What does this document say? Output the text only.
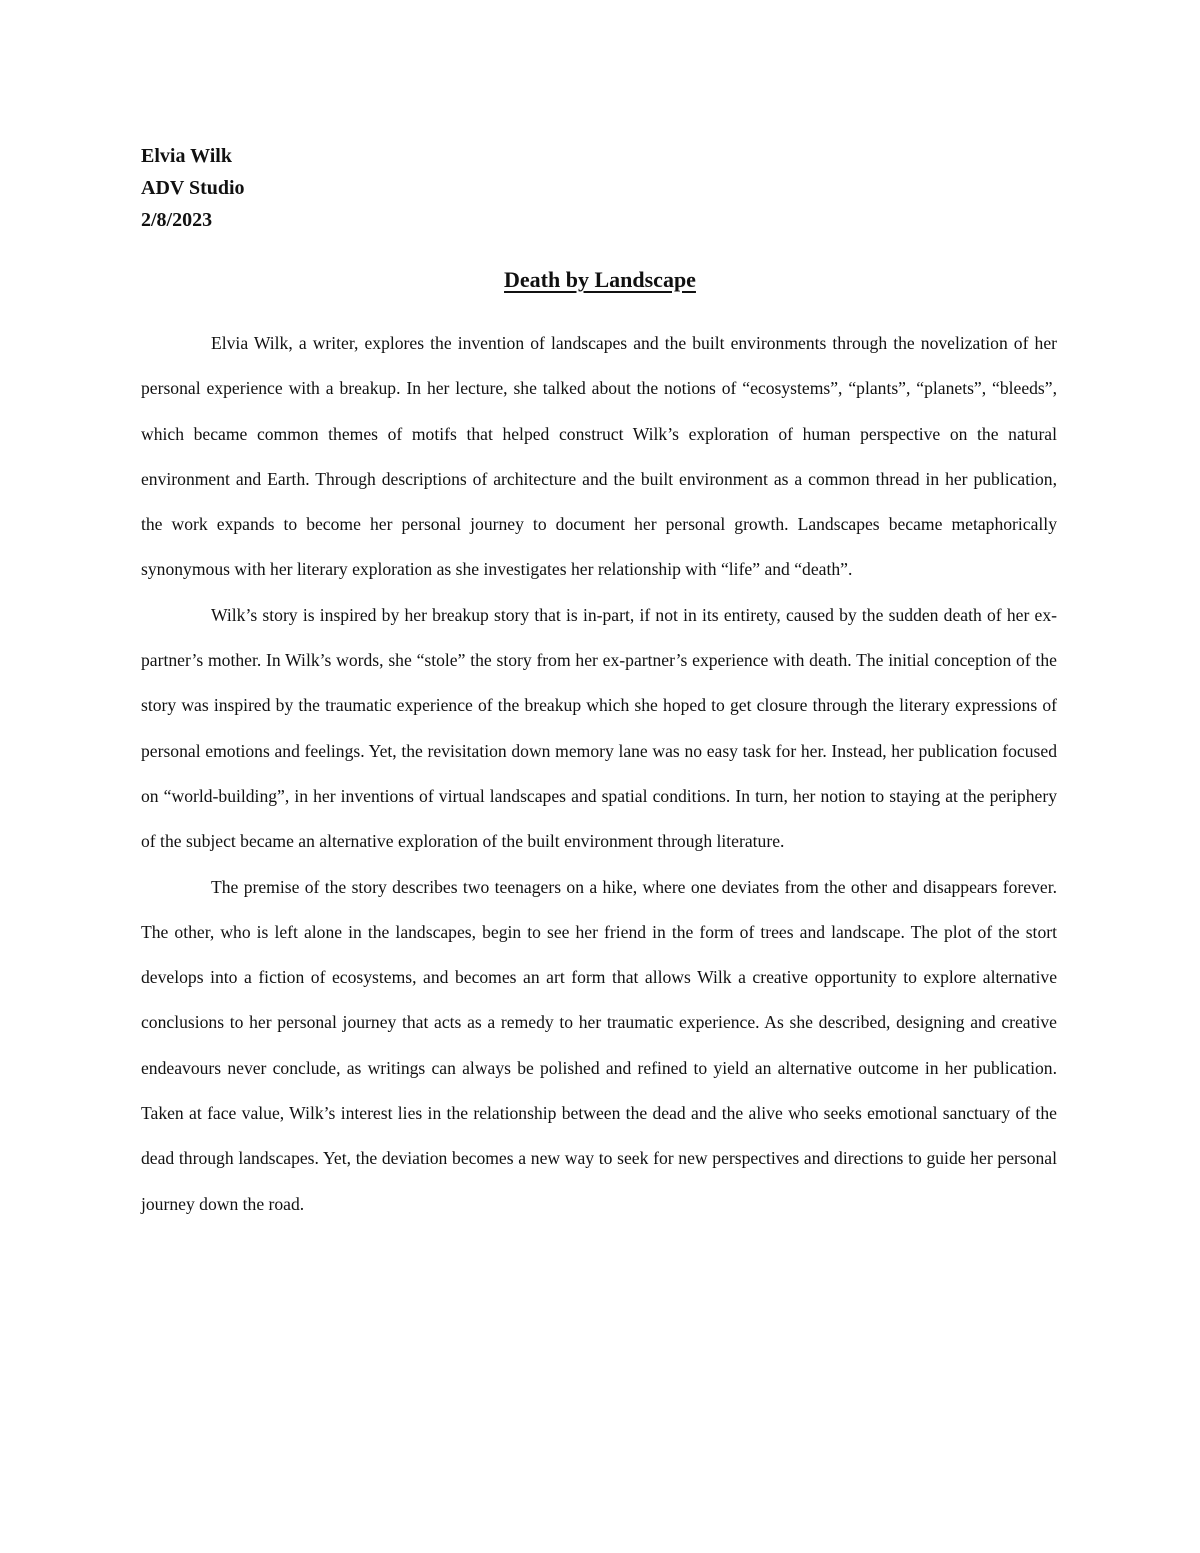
Elvia Wilk
ADV Studio
2/8/2023
Death by Landscape

Elvia Wilk, a writer, explores the invention of landscapes and the built environments through the novelization of her personal experience with a breakup. In her lecture, she talked about the notions of “ecosystems”, “plants”, “planets”, “bleeds”, which became common themes of motifs that helped construct Wilk’s exploration of human perspective on the natural environment and Earth. Through descriptions of architecture and the built environment as a common thread in her publication, the work expands to become her personal journey to document her personal growth. Landscapes became metaphorically synonymous with her literary exploration as she investigates her relationship with “life” and “death”.

Wilk’s story is inspired by her breakup story that is in-part, if not in its entirety, caused by the sudden death of her ex-partner’s mother. In Wilk’s words, she “stole” the story from her ex-partner’s experience with death. The initial conception of the story was inspired by the traumatic experience of the breakup which she hoped to get closure through the literary expressions of personal emotions and feelings. Yet, the revisitation down memory lane was no easy task for her. Instead, her publication focused on “world-building”, in her inventions of virtual landscapes and spatial conditions. In turn, her notion to staying at the periphery of the subject became an alternative exploration of the built environment through literature.

The premise of the story describes two teenagers on a hike, where one deviates from the other and disappears forever. The other, who is left alone in the landscapes, begin to see her friend in the form of trees and landscape. The plot of the stort develops into a fiction of ecosystems, and becomes an art form that allows Wilk a creative opportunity to explore alternative conclusions to her personal journey that acts as a remedy to her traumatic experience. As she described, designing and creative endeavours never conclude, as writings can always be polished and refined to yield an alternative outcome in her publication. Taken at face value, Wilk’s interest lies in the relationship between the dead and the alive who seeks emotional sanctuary of the dead through landscapes. Yet, the deviation becomes a new way to seek for new perspectives and directions to guide her personal journey down the road.
